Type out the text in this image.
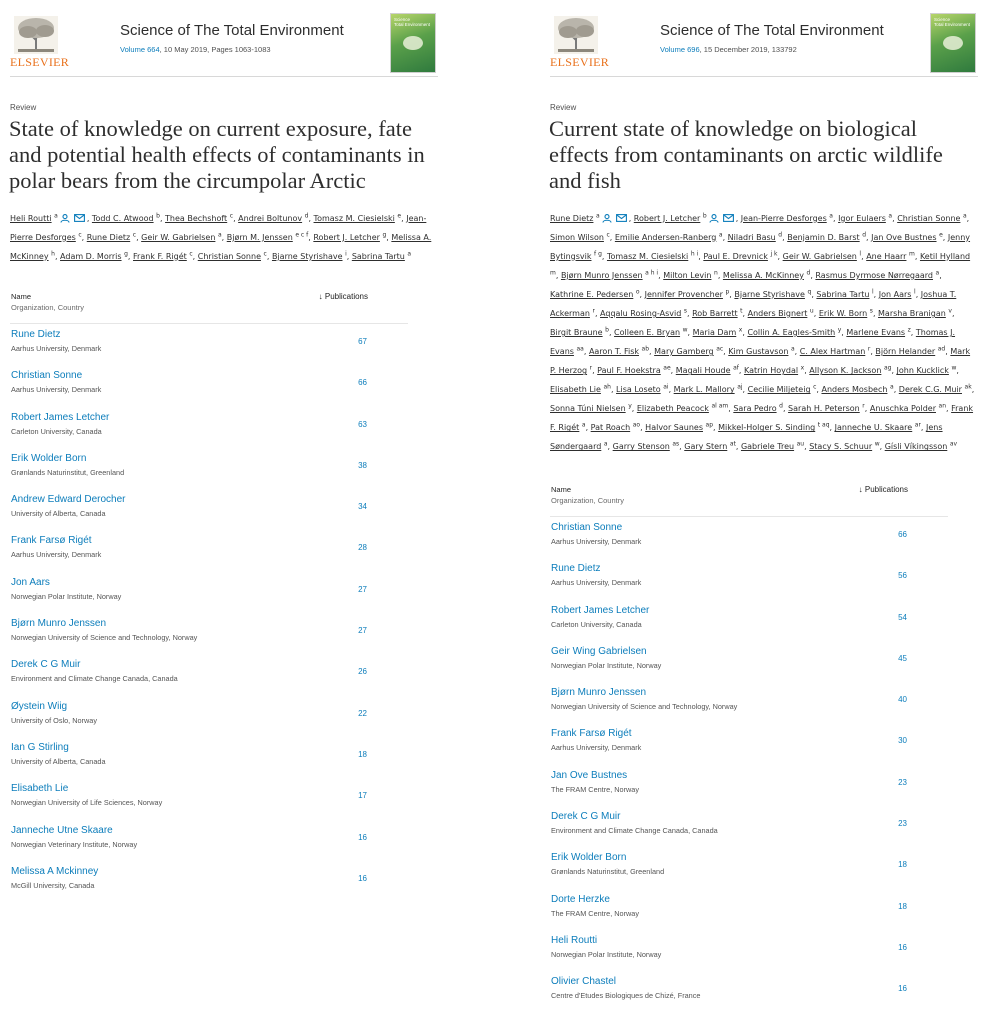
ELSEVIER
Science of The Total Environment
Volume 664, 10 May 2019, Pages 1063-1083
Science
Total Environment
Review
State of knowledge on current exposure, fate and potential health effects of contaminants in polar bears from the circumpolar Arctic
Heli Routti $^a$	, Todd C. Atwood $^b$, Thea Bechshoft $^c$, Andrei Boltunov $^d$, Tomasz M. Ciesielski $^e$, Jean-Pierre Desforges $^c$, Rune Dietz $^c$, Geir W. Gabrielsen $^a$, Bjørn M. Jenssen $^{e c f}$, Robert J. Letcher $^g$, Melissa A. McKinney $^h$, Adam D. Morris $^g$, Frank F. Rigét $^c$, Christian Sonne $^c$, Bjarne Styrishave $^i$, Sabrina Tartu $^a$
Name
Organization, Country
↓ Publications
Rune Dietz
Aarhus University, Denmark
67
Christian Sonne
Aarhus University, Denmark
66
Robert James Letcher
Carleton University, Canada
63
Erik Wolder Born
Grønlands Naturinstitut, Greenland
38
Andrew Edward Derocher
University of Alberta, Canada
34
Frank Farsø Rigét
Aarhus University, Denmark
28
Jon Aars
Norwegian Polar Institute, Norway
27
Bjørn Munro Jenssen
Norwegian University of Science and Technology, Norway
27
Derek C G Muir
Environment and Climate Change Canada, Canada
26
Øystein Wiig
University of Oslo, Norway
22
Ian G Stirling
University of Alberta, Canada
18
Elisabeth Lie
Norwegian University of Life Sciences, Norway
17
Janneche Utne Skaare
Norwegian Veterinary Institute, Norway
16
Melissa A Mckinney
McGill University, Canada
16
ELSEVIER
Science of The Total Environment
Volume 696, 15 December 2019, 133792
Science
Total Environment
Review
Current state of knowledge on biological effects from contaminants on arctic wildlife and fish
Rune Dietz $^a$	, Robert J. Letcher $^b$	, Jean-Pierre Desforges $^a$, Igor Eulaers $^a$, Christian Sonne $^a$, Simon Wilson $^c$, Emilie Andersen-Ranberg $^a$, Niladri Basu $^d$, Benjamin D. Barst $^d$, Jan Ove Bustnes $^e$, Jenny Bytingsvik $^{f g}$, Tomasz M. Ciesielski $^{h i}$, Paul E. Drevnick $^{j k}$, Geir W. Gabrielsen $^l$, Ane Haarr $^m$, Ketil Hylland $^m$, Bjørn Munro Jenssen $^{a h i}$, Milton Levin $^n$, Melissa A. McKinney $^d$, Rasmus Dyrmose Nørregaard $^a$, Kathrine E. Pedersen $^o$, Jennifer Provencher $^p$, Bjarne Styrishave $^q$, Sabrina Tartu $^l$, Jon Aars $^l$, Joshua T. Ackerman $^r$, Aqqalu Rosing-Asvid $^s$, Rob Barrett $^t$, Anders Bignert $^u$, Erik W. Born $^s$, Marsha Branigan $^v$, Birgit Braune $^b$, Colleen E. Bryan $^w$, Maria Dam $^x$, Collin A. Eagles-Smith $^y$, Marlene Evans $^z$, Thomas J. Evans $^{aa}$, Aaron T. Fisk $^{ab}$, Mary Gamberg $^{ac}$, Kim Gustavson $^a$, C. Alex Hartman $^r$, Björn Helander $^{ad}$, Mark P. Herzog $^r$, Paul F. Hoekstra $^{ae}$, Magali Houde $^{af}$, Katrin Hoydal $^x$, Allyson K. Jackson $^{ag}$, John Kucklick $^w$, Elisabeth Lie $^{ah}$, Lisa Loseto $^{ai}$, Mark L. Mallory $^{aj}$, Cecilie Miljeteig $^c$, Anders Mosbech $^a$, Derek C.G. Muir $^{ak}$, Sonna Túni Nielsen $^y$, Elizabeth Peacock $^{al am}$, Sara Pedro $^d$, Sarah H. Peterson $^r$, Anuschka Polder $^{an}$, Frank F. Rigét $^a$, Pat Roach $^{ao}$, Halvor Saunes $^{ap}$, Mikkel-Holger S. Sinding $^{t aq}$, Janneche U. Skaare $^{ar}$, Jens Søndergaard $^a$, Garry Stenson $^{as}$, Gary Stern $^{at}$, Gabriele Treu $^{au}$, Stacy S. Schuur $^w$, Gísli Víkingsson $^{av}$
Name
Organization, Country
↓ Publications
Christian Sonne
Aarhus University, Denmark
66
Rune Dietz
Aarhus University, Denmark
56
Robert James Letcher
Carleton University, Canada
54
Geir Wing Gabrielsen
Norwegian Polar Institute, Norway
45
Bjørn Munro Jenssen
Norwegian University of Science and Technology, Norway
40
Frank Farsø Rigét
Aarhus University, Denmark
30
Jan Ove Bustnes
The FRAM Centre, Norway
23
Derek C G Muir
Environment and Climate Change Canada, Canada
23
Erik Wolder Born
Grønlands Naturinstitut, Greenland
18
Dorte Herzke
The FRAM Centre, Norway
18
Heli Routti
Norwegian Polar Institute, Norway
16
Olivier Chastel
Centre d'Etudes Biologiques de Chizé, France
16
